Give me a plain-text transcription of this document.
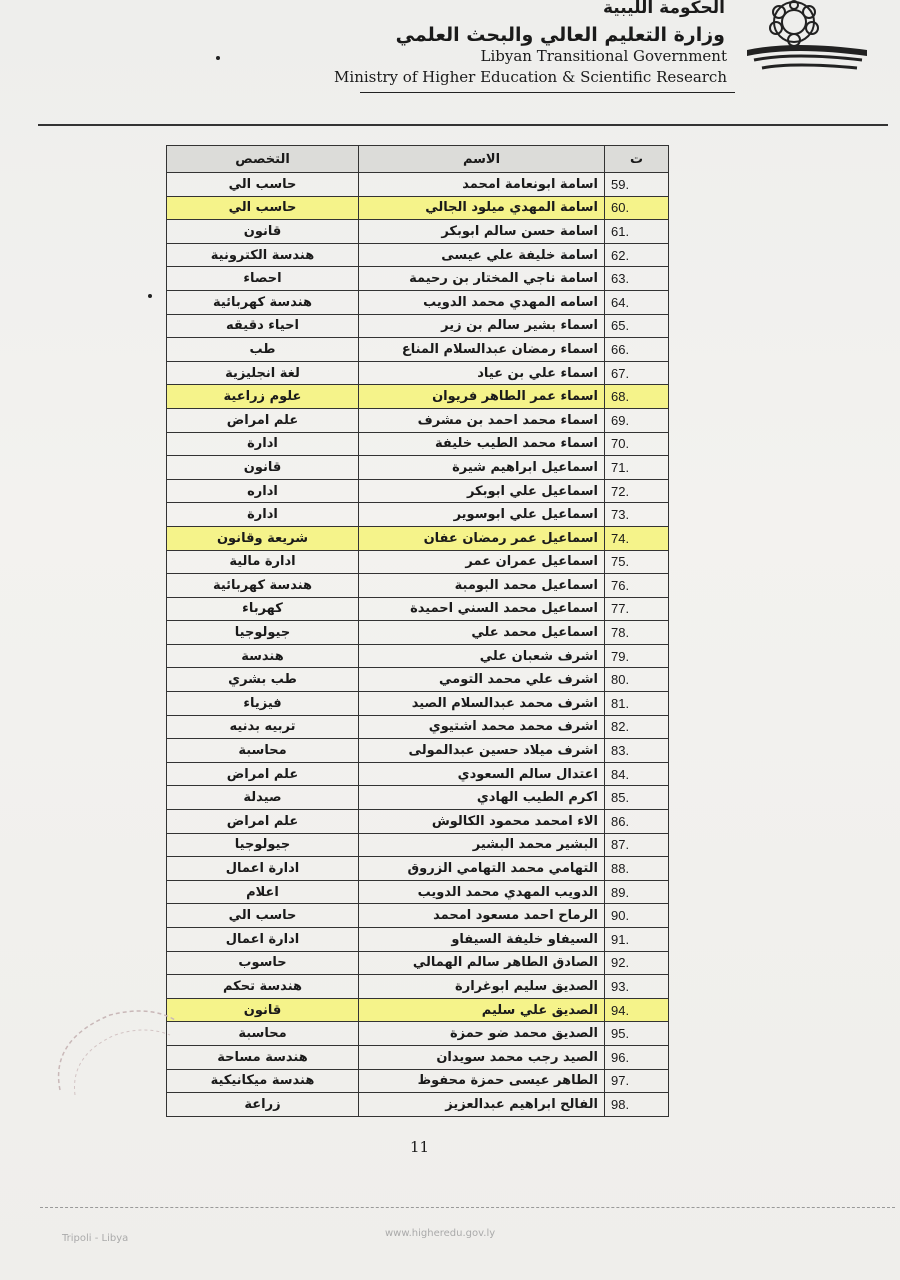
الحكومة الليبية
وزارة التعليم العالي والبحث العلمي
Libyan Transitional Government
Ministry of Higher Education & Scientific Research
ت	الاسم	التخصص
59.	اسامة ابونعامة امحمد	حاسب الي
60.	اسامة المهدي ميلود الجالي	حاسب الي
61.	اسامة حسن سالم ابوبكر	قانون
62.	اسامة خليفة علي عيسى	هندسة الكترونية
63.	اسامة ناجي المختار بن رحيمة	احصاء
64.	اسامه المهدي محمد الدويب	هندسة كهربائية
65.	اسماء بشير سالم بن زير	احياء دقيقه
66.	اسماء رمضان عبدالسلام المناع	طب
67.	اسماء علي بن عياد	لغة انجليزية
68.	اسماء عمر الطاهر فريوان	علوم زراعية
69.	اسماء محمد احمد بن مشرف	علم امراض
70.	اسماء محمد الطيب خليفة	ادارة
71.	اسماعيل ابراهيم شيرة	قانون
72.	اسماعيل علي ابوبكر	اداره
73.	اسماعيل علي ابوسوير	ادارة
74.	اسماعيل عمر رمضان عفان	شريعة وقانون
75.	اسماعيل عمران عمر	ادارة مالية
76.	اسماعيل محمد البومبة	هندسة كهربائية
77.	اسماعيل محمد السني احميدة	كهرباء
78.	اسماعيل محمد علي	جيولوجيا
79.	اشرف شعبان علي	هندسة
80.	اشرف علي محمد التومي	طب بشري
81.	اشرف محمد عبدالسلام الصيد	فيزياء
82.	اشرف محمد محمد اشتيوي	تربيه بدنيه
83.	اشرف ميلاد حسين عبدالمولى	محاسبة
84.	اعتدال سالم السعودي	علم امراض
85.	اكرم الطيب الهادي	صيدلة
86.	الاء امحمد محمود الكالوش	علم امراض
87.	البشير محمد البشير	جيولوجيا
88.	التهامي محمد التهامي الزروق	ادارة اعمال
89.	الدويب المهدي محمد الدويب	اعلام
90.	الرماح احمد مسعود امحمد	حاسب الي
91.	السيفاو خليفة السيفاو	ادارة اعمال
92.	الصادق الطاهر سالم الهمالي	حاسوب
93.	الصديق سليم ابوغرارة	هندسة تحكم
94.	الصديق علي سليم	قانون
95.	الصديق محمد ضو حمزة	محاسبة
96.	الصيد رجب محمد سويدان	هندسة مساحة
97.	الطاهر عيسى حمزة محفوظ	هندسة ميكانيكية
98.	الفالح ابراهيم عبدالعزيز	زراعة
11
Tripoli - Libya	www.higheredu.gov.ly
